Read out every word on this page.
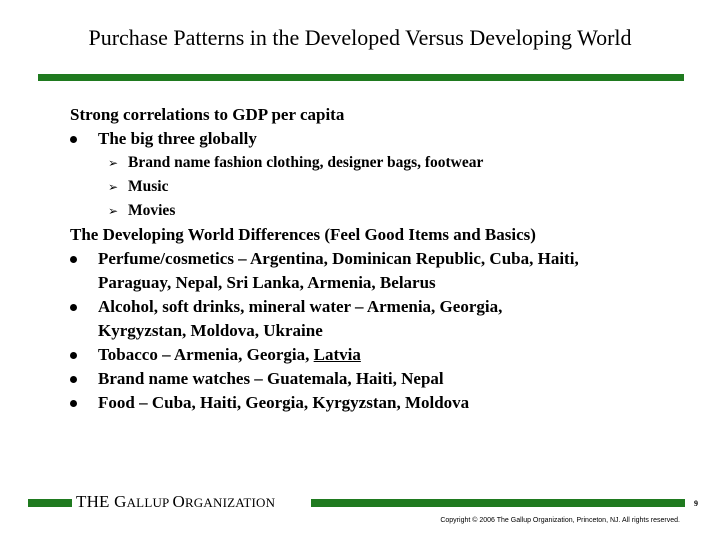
Purchase Patterns in the Developed Versus Developing World
Strong correlations to GDP per capita
The big three globally
➢ Brand name fashion clothing, designer bags, footwear
➢ Music
➢ Movies
The Developing World Differences (Feel Good Items and Basics)
Perfume/cosmetics – Argentina, Dominican Republic, Cuba, Haiti,
Paraguay, Nepal, Sri Lanka, Armenia, Belarus
Alcohol, soft drinks, mineral water – Armenia, Georgia,
Kyrgyzstan, Moldova, Ukraine
Tobacco – Armenia, Georgia, Latvia
Brand name watches – Guatemala, Haiti, Nepal
Food – Cuba, Haiti, Georgia, Kyrgyzstan, Moldova
THE GALLUP ORGANIZATION	9
Copyright © 2006 The Gallup Organization, Princeton, NJ. All rights reserved.
